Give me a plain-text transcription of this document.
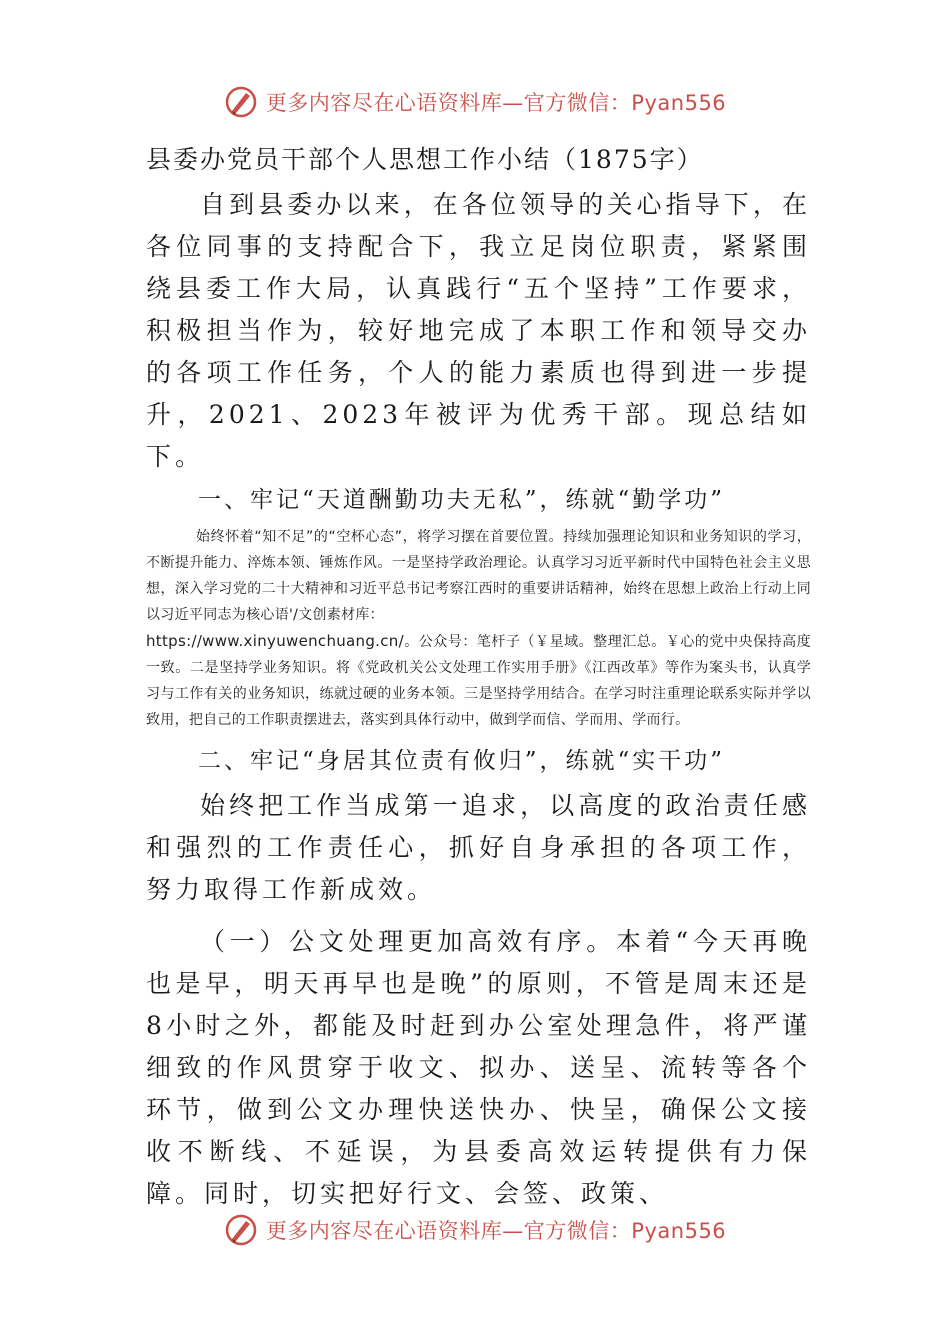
更多内容尽在心语资料库—官方微信：Pyan556
县委办党员干部个人思想工作小结（1875字）

自到县委办以来，在各位领导的关心指导下，在各位同事的支持配合下，我立足岗位职责，紧紧围绕县委工作大局，认真践行“五个坚持”工作要求，积极担当作为，较好地完成了本职工作和领导交办的各项工作任务，个人的能力素质也得到进一步提升，2021、2023年被评为优秀干部。现总结如下。

一、牢记“天道酬勤功夫无私”，练就“勤学功”

始终怀着“知不足”的“空杯心态”，将学习摆在首要位置。持续加强理论知识和业务知识的学习，不断提升能力、淬炼本领、锤炼作风。一是坚持学政治理论。认真学习习近平新时代中国特色社会主义思想，深入学习党的二十大精神和习近平总书记考察江西时的重要讲话精神，始终在思想上政治上行动上同以习近平同志为核心语'/文创素材库：
https://www.xinyuwenchuang.cn/。公众号：笔杆子（￥星域。整理汇总。￥心的党中央保持高度一致。二是坚持学业务知识。将《党政机关公文处理工作实用手册》《江西改革》等作为案头书，认真学习与工作有关的业务知识，练就过硬的业务本领。三是坚持学用结合。在学习时注重理论联系实际并学以致用，把自己的工作职责摆进去，落实到具体行动中，做到学而信、学而用、学而行。

二、牢记“身居其位责有攸归”，练就“实干功”

始终把工作当成第一追求，以高度的政治责任感和强烈的工作责任心，抓好自身承担的各项工作，努力取得工作新成效。

（一）公文处理更加高效有序。本着“今天再晚也是早，明天再早也是晚”的原则，不管是周末还是8小时之外，都能及时赶到办公室处理急件，将严谨细致的作风贯穿于收文、拟办、送呈、流转等各个环节，做到公文办理快送快办、快呈，确保公文接收不断线、不延误，为县委高效运转提供有力保障。同时，切实把好行文、会签、政策、

更多内容尽在心语资料库—官方微信：Pyan556
